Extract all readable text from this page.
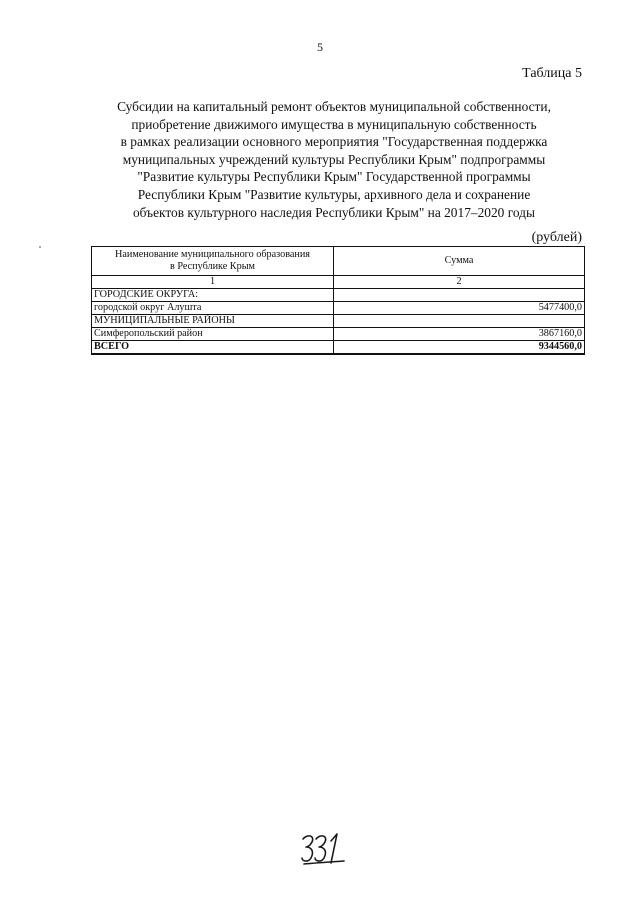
5
Таблица 5
Субсидии на капитальный ремонт объектов муниципальной собственности,
приобретение движимого имущества в муниципальную собственность
в рамках реализации основного мероприятия "Государственная поддержка
муниципальных учреждений культуры Республики Крым" подпрограммы
"Развитие культуры Республики Крым" Государственной программы
Республики Крым "Развитие культуры, архивного дела и сохранение
объектов культурного наследия Республики Крым" на 2017–2020 годы
(рублей)
Наименование муниципального образования
в Республике Крым	Сумма
1	2
ГОРОДСКИЕ ОКРУГА:	
городской округ Алушта	5477400,0
МУНИЦИПАЛЬНЫЕ РАЙОНЫ	
Симферопольский район	3867160,0
ВСЕГО	9344560,0
